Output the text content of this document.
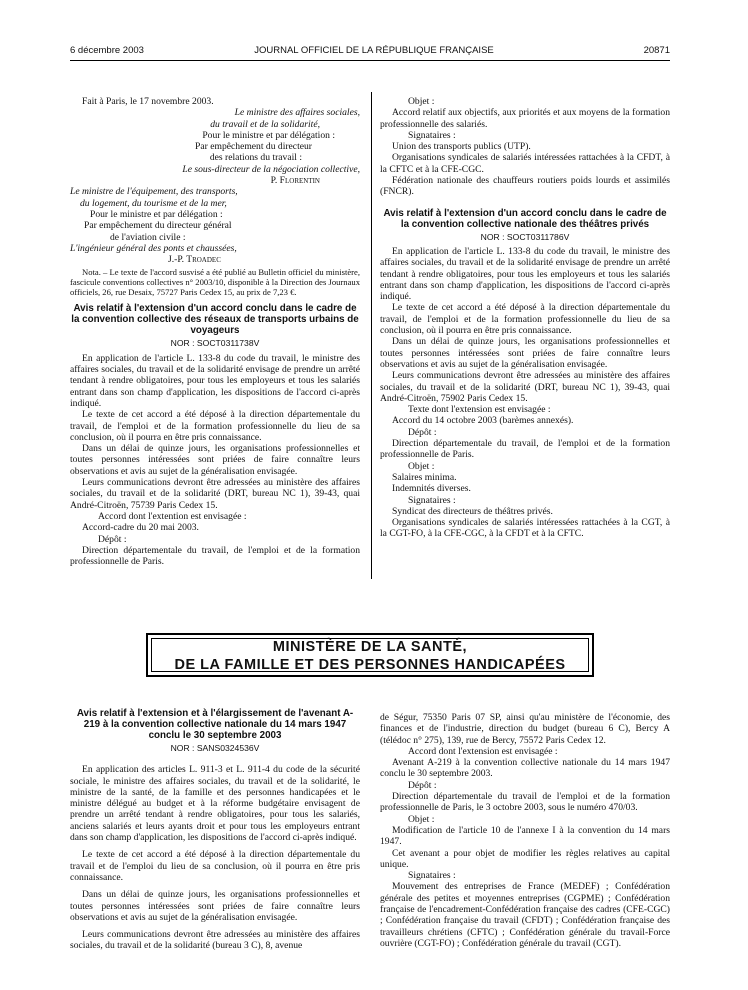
6 décembre 2003	JOURNAL OFFICIEL DE LA RÉPUBLIQUE FRANÇAISE	20871

Fait à Paris, le 17 novembre 2003.

Le ministre des affaires sociales,

du travail et de la solidarité,

Pour le ministre et par délégation :

Par empêchement du directeur

des relations du travail :

Le sous-directeur de la négociation collective,

P. Florentin

Le ministre de l'équipement, des transports,

du logement, du tourisme et de la mer,

Pour le ministre et par délégation :

Par empêchement du directeur général

de l'aviation civile :

L'ingénieur général des ponts et chaussées,

J.-P. Troadec

Nota. – Le texte de l'accord susvisé a été publié au Bulletin officiel du ministère, fascicule conventions collectives n° 2003/10, disponible à la Direction des Journaux officiels, 26, rue Desaix, 75727 Paris Cedex 15, au prix de 7,23 €.

Avis relatif à l'extension d'un accord conclu dans le cadre de la convention collective des réseaux de transports urbains de voyageurs
NOR : SOCT0311738V

En application de l'article L. 133-8 du code du travail, le ministre des affaires sociales, du travail et de la solidarité envisage de prendre un arrêté tendant à rendre obligatoires, pour tous les employeurs et tous les salariés entrant dans son champ d'application, les dispositions de l'accord ci-après indiqué.

Le texte de cet accord a été déposé à la direction départementale du travail, de l'emploi et de la formation professionnelle du lieu de sa conclusion, où il pourra en être pris connaissance.

Dans un délai de quinze jours, les organisations professionnelles et toutes personnes intéressées sont priées de faire connaître leurs observations et avis au sujet de la généralisation envisagée.

Leurs communications devront être adressées au ministère des affaires sociales, du travail et de la solidarité (DRT, bureau NC 1), 39-43, quai André-Citroën, 75739 Paris Cedex 15.

Accord dont l'extention est envisagée :

Accord-cadre du 20 mai 2003.

Dépôt :

Direction départementale du travail, de l'emploi et de la formation professionnelle de Paris.

Objet :

Accord relatif aux objectifs, aux priorités et aux moyens de la formation professionnelle des salariés.

Signataires :

Union des transports publics (UTP).

Organisations syndicales de salariés intéressées rattachées à la CFDT, à la CFTC et à la CFE-CGC.

Fédération nationale des chauffeurs routiers poids lourds et assimilés (FNCR).

Avis relatif à l'extension d'un accord conclu dans le cadre de la convention collective nationale des théâtres privés
NOR : SOCT0311786V

En application de l'article L. 133-8 du code du travail, le ministre des affaires sociales, du travail et de la solidarité envisage de prendre un arrêté tendant à rendre obligatoires, pour tous les employeurs et tous les salariés entrant dans son champ d'application, les dispositions de l'accord ci-après indiqué.

Le texte de cet accord a été déposé à la direction départementale du travail, de l'emploi et de la formation professionnelle du lieu de sa conclusion, où il pourra en être pris connaissance.

Dans un délai de quinze jours, les organisations professionnelles et toutes personnes intéressées sont priées de faire connaître leurs observations et avis au sujet de la généralisation envisagée.

Leurs communications devront être adressées au ministère des affaires sociales, du travail et de la solidarité (DRT, bureau NC 1), 39-43, quai André-Citroën, 75902 Paris Cedex 15.

Texte dont l'extension est envisagée :

Accord du 14 octobre 2003 (barèmes annexés).

Dépôt :

Direction départementale du travail, de l'emploi et de la formation professionnelle de Paris.

Objet :

Salaires minima.

Indemnités diverses.

Signataires :

Syndicat des directeurs de théâtres privés.

Organisations syndicales de salariés intéressées rattachées à la CGT, à la CGT-FO, à la CFE-CGC, à la CFDT et à la CFTC.

MINISTÈRE DE LA SANTÉ,
DE LA FAMILLE ET DES PERSONNES HANDICAPÉES
Avis relatif à l'extension et à l'élargissement de l'avenant A-219 à la convention collective nationale du 14 mars 1947 conclu le 30 septembre 2003
NOR : SANS0324536V

En application des articles L. 911-3 et L. 911-4 du code de la sécurité sociale, le ministre des affaires sociales, du travail et de la solidarité, le ministre de la santé, de la famille et des personnes handicapées et le ministre délégué au budget et à la réforme budgétaire envisagent de prendre un arrêté tendant à rendre obligatoires, pour tous les salariés, anciens salariés et leurs ayants droit et pour tous les employeurs entrant dans son champ d'application, les dispositions de l'accord ci-après indiqué.

Le texte de cet accord a été déposé à la direction départementale du travail et de l'emploi du lieu de sa conclusion, où il pourra en être pris connaissance.

Dans un délai de quinze jours, les organisations professionnelles et toutes personnes intéressées sont priées de faire connaître leurs observations et avis au sujet de la généralisation envisagée.

Leurs communications devront être adressées au ministère des affaires sociales, du travail et de la solidarité (bureau 3 C), 8, avenue

de Ségur, 75350 Paris 07 SP, ainsi qu'au ministère de l'économie, des finances et de l'industrie, direction du budget (bureau 6 C), Bercy A (télédoc n° 275), 139, rue de Bercy, 75572 Paris Cedex 12.

Accord dont l'extension est envisagée :

Avenant A-219 à la convention collective nationale du 14 mars 1947 conclu le 30 septembre 2003.

Dépôt :

Direction départementale du travail de l'emploi et de la formation professionnelle de Paris, le 3 octobre 2003, sous le numéro 470/03.

Objet :

Modification de l'article 10 de l'annexe I à la convention du 14 mars 1947.

Cet avenant a pour objet de modifier les règles relatives au capital unique.

Signataires :

Mouvement des entreprises de France (MEDEF) ; Confédération générale des petites et moyennes entreprises (CGPME) ; Confédération française de l'encadrement-Confédération française des cadres (CFE-CGC) ; Confédération française du travail (CFDT) ; Confédération française des travailleurs chrétiens (CFTC) ; Confédération générale du travail-Force ouvrière (CGT-FO) ; Confédération générale du travail (CGT).
